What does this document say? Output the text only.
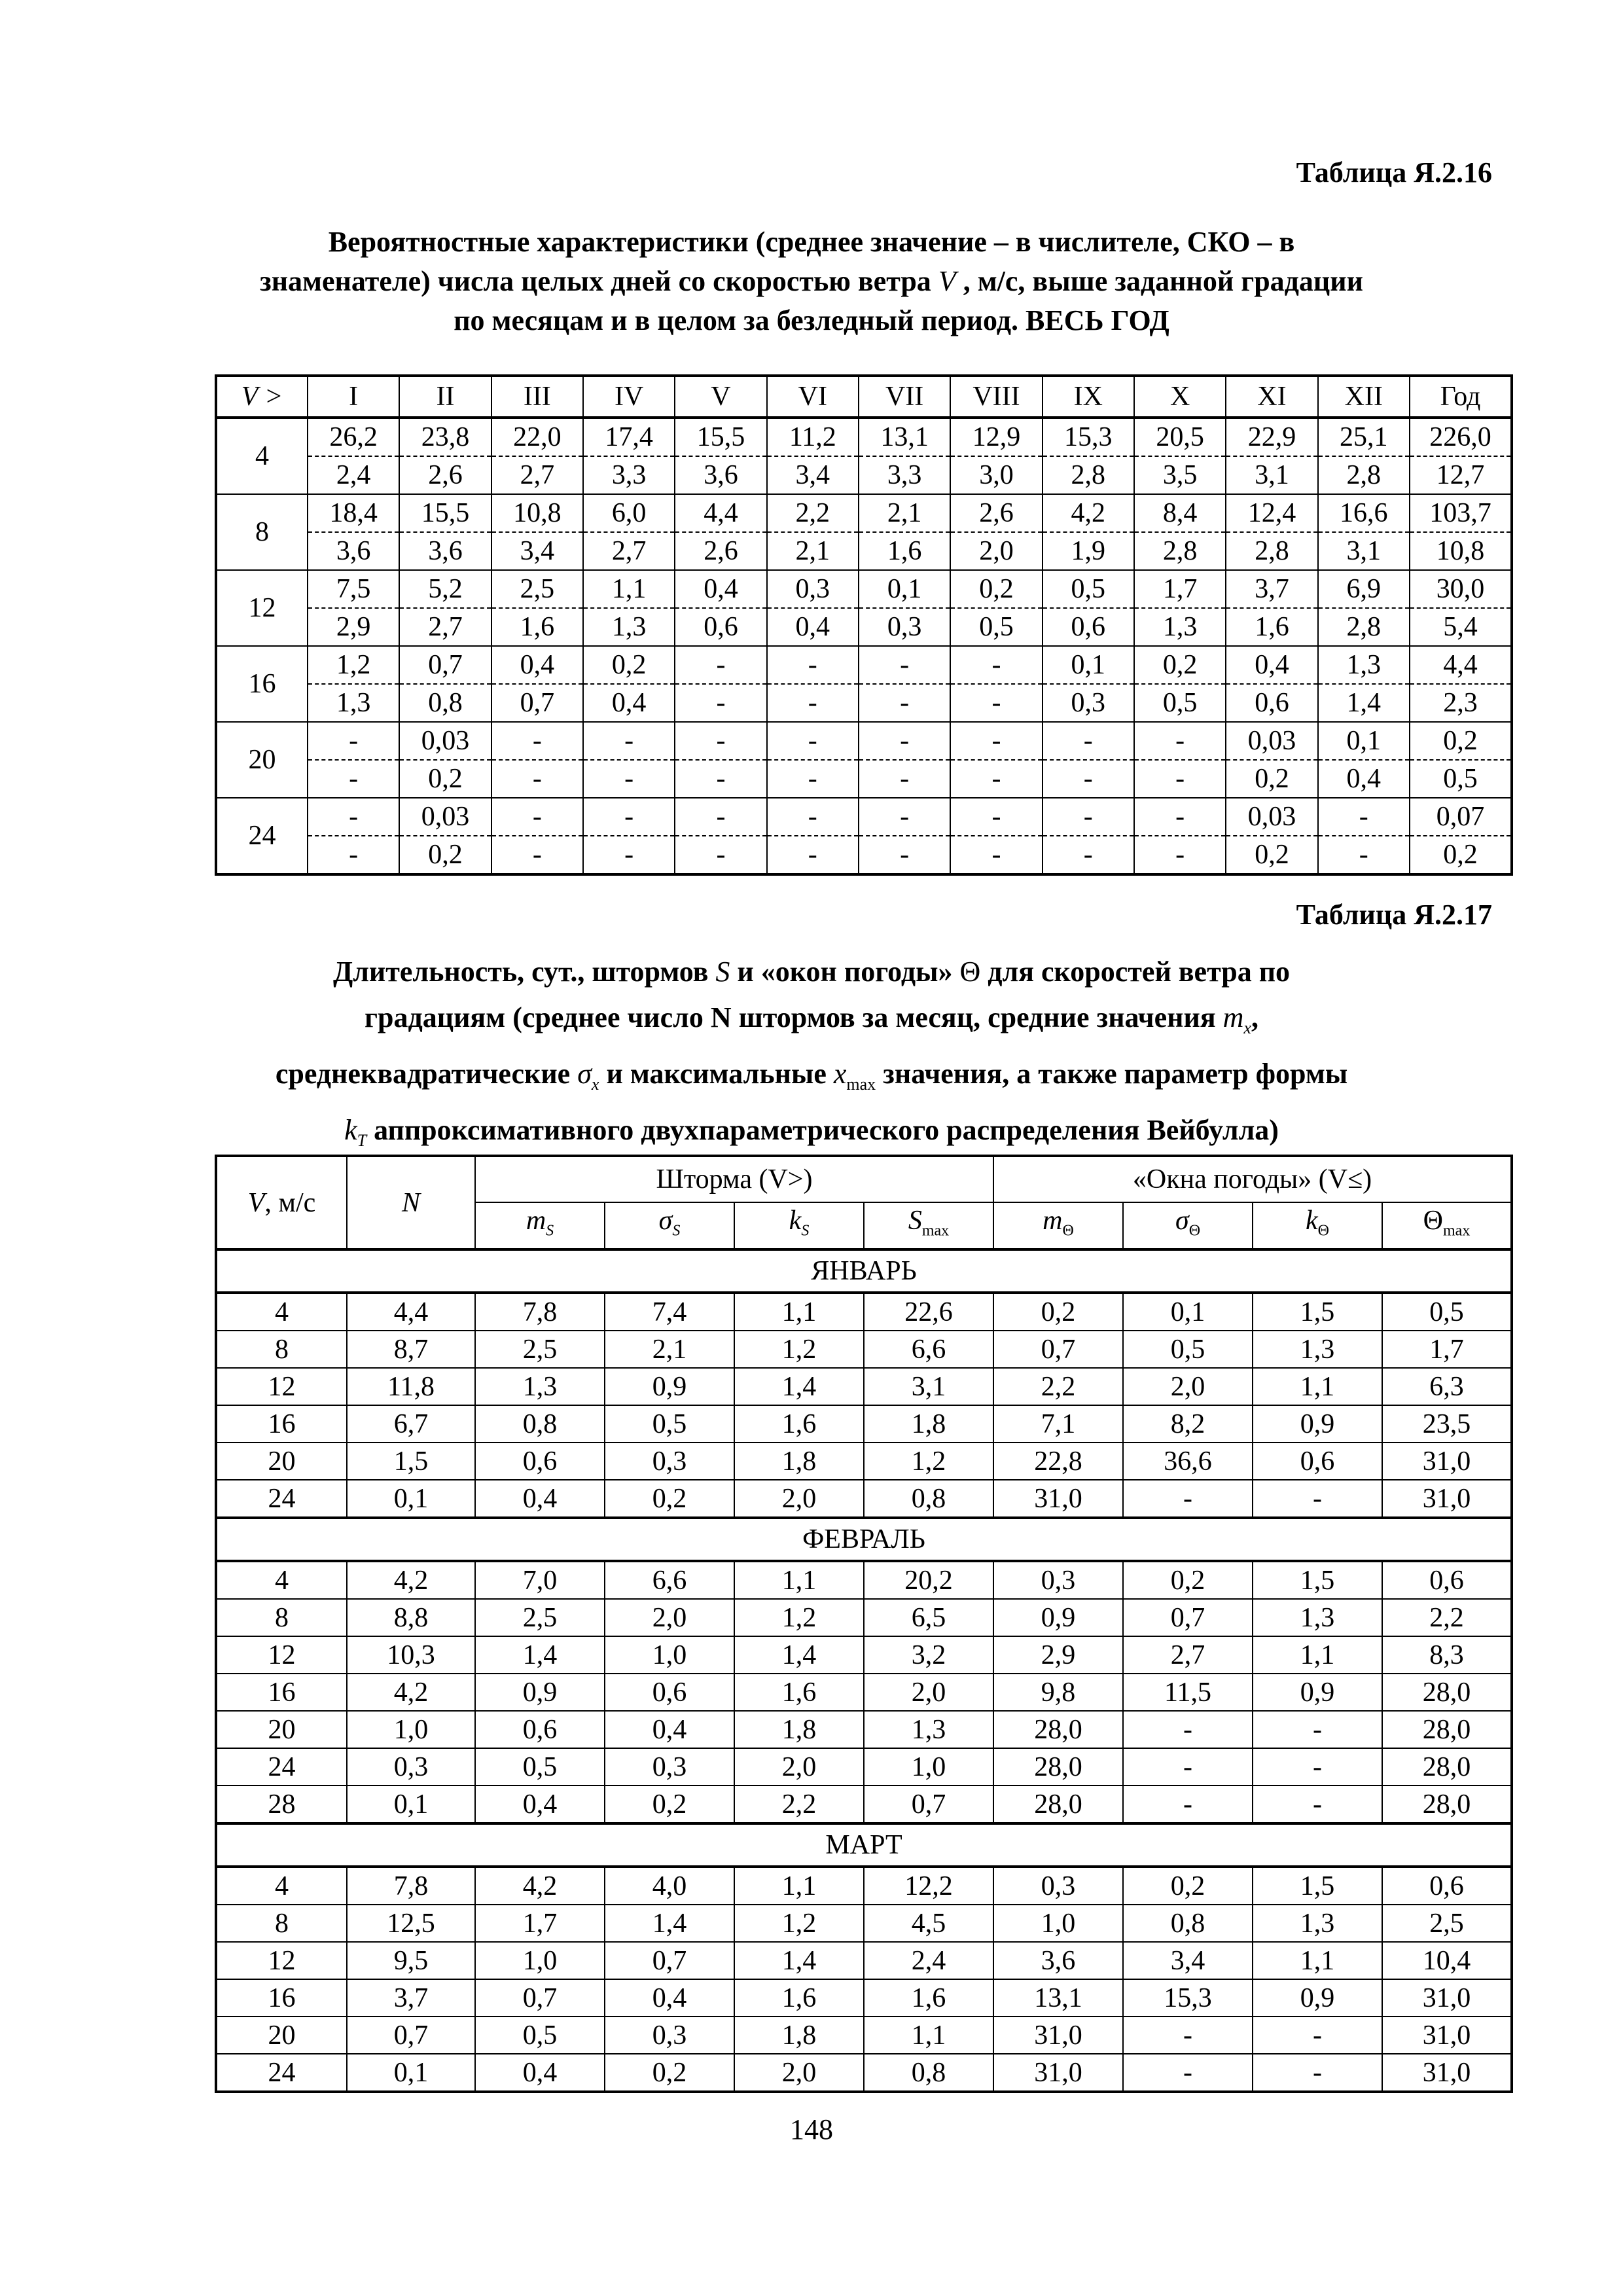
Таблица Я.2.16
Вероятностные характеристики (среднее значение – в числителе, СКО – в
знаменателе) числа целых дней со скоростью ветра V , м/с, выше заданной градации
по месяцам и в целом за безледный период. ВЕСЬ ГОД
V >	I	II	III	IV	V	VI	VII	VIII	IX	X	XI	XII	Год
4	26,2	23,8	22,0	17,4	15,5	11,2	13,1	12,9	15,3	20,5	22,9	25,1	226,0
	2,4	2,6	2,7	3,3	3,6	3,4	3,3	3,0	2,8	3,5	3,1	2,8	12,7
8	18,4	15,5	10,8	6,0	4,4	2,2	2,1	2,6	4,2	8,4	12,4	16,6	103,7
	3,6	3,6	3,4	2,7	2,6	2,1	1,6	2,0	1,9	2,8	2,8	3,1	10,8
12	7,5	5,2	2,5	1,1	0,4	0,3	0,1	0,2	0,5	1,7	3,7	6,9	30,0
	2,9	2,7	1,6	1,3	0,6	0,4	0,3	0,5	0,6	1,3	1,6	2,8	5,4
16	1,2	0,7	0,4	0,2	-	-	-	-	0,1	0,2	0,4	1,3	4,4
	1,3	0,8	0,7	0,4	-	-	-	-	0,3	0,5	0,6	1,4	2,3
20	-	0,03	-	-	-	-	-	-	-	-	0,03	0,1	0,2
	-	0,2	-	-	-	-	-	-	-	-	0,2	0,4	0,5
24	-	0,03	-	-	-	-	-	-	-	-	0,03	-	0,07
	-	0,2	-	-	-	-	-	-	-	-	0,2	-	0,2
Таблица Я.2.17
Длительность, сут., штормов S и «окон погоды» Θ для скоростей ветра по
градациям (среднее число N штормов за месяц, средние значения $m_x$,
среднеквадратические $\sigma_x$ и максимальные $x_{max}$ значения, а также параметр формы
$k_T$ аппроксимативного двухпараметрического распределения Вейбулла)
V, м/с	N	Шторма (V>)				«Окна погоды» (V≤)			
		$m_S$	$\sigma_S$	$k_S$	$S_{max}$	$m_\Theta$	$\sigma_\Theta$	$k_\Theta$	$\Theta_{max}$
ЯНВАРЬ									
4	4,4	7,8	7,4	1,1	22,6	0,2	0,1	1,5	0,5
8	8,7	2,5	2,1	1,2	6,6	0,7	0,5	1,3	1,7
12	11,8	1,3	0,9	1,4	3,1	2,2	2,0	1,1	6,3
16	6,7	0,8	0,5	1,6	1,8	7,1	8,2	0,9	23,5
20	1,5	0,6	0,3	1,8	1,2	22,8	36,6	0,6	31,0
24	0,1	0,4	0,2	2,0	0,8	31,0	-	-	31,0
ФЕВРАЛЬ									
4	4,2	7,0	6,6	1,1	20,2	0,3	0,2	1,5	0,6
8	8,8	2,5	2,0	1,2	6,5	0,9	0,7	1,3	2,2
12	10,3	1,4	1,0	1,4	3,2	2,9	2,7	1,1	8,3
16	4,2	0,9	0,6	1,6	2,0	9,8	11,5	0,9	28,0
20	1,0	0,6	0,4	1,8	1,3	28,0	-	-	28,0
24	0,3	0,5	0,3	2,0	1,0	28,0	-	-	28,0
28	0,1	0,4	0,2	2,2	0,7	28,0	-	-	28,0
МАРТ									
4	7,8	4,2	4,0	1,1	12,2	0,3	0,2	1,5	0,6
8	12,5	1,7	1,4	1,2	4,5	1,0	0,8	1,3	2,5
12	9,5	1,0	0,7	1,4	2,4	3,6	3,4	1,1	10,4
16	3,7	0,7	0,4	1,6	1,6	13,1	15,3	0,9	31,0
20	0,7	0,5	0,3	1,8	1,1	31,0	-	-	31,0
24	0,1	0,4	0,2	2,0	0,8	31,0	-	-	31,0
148
